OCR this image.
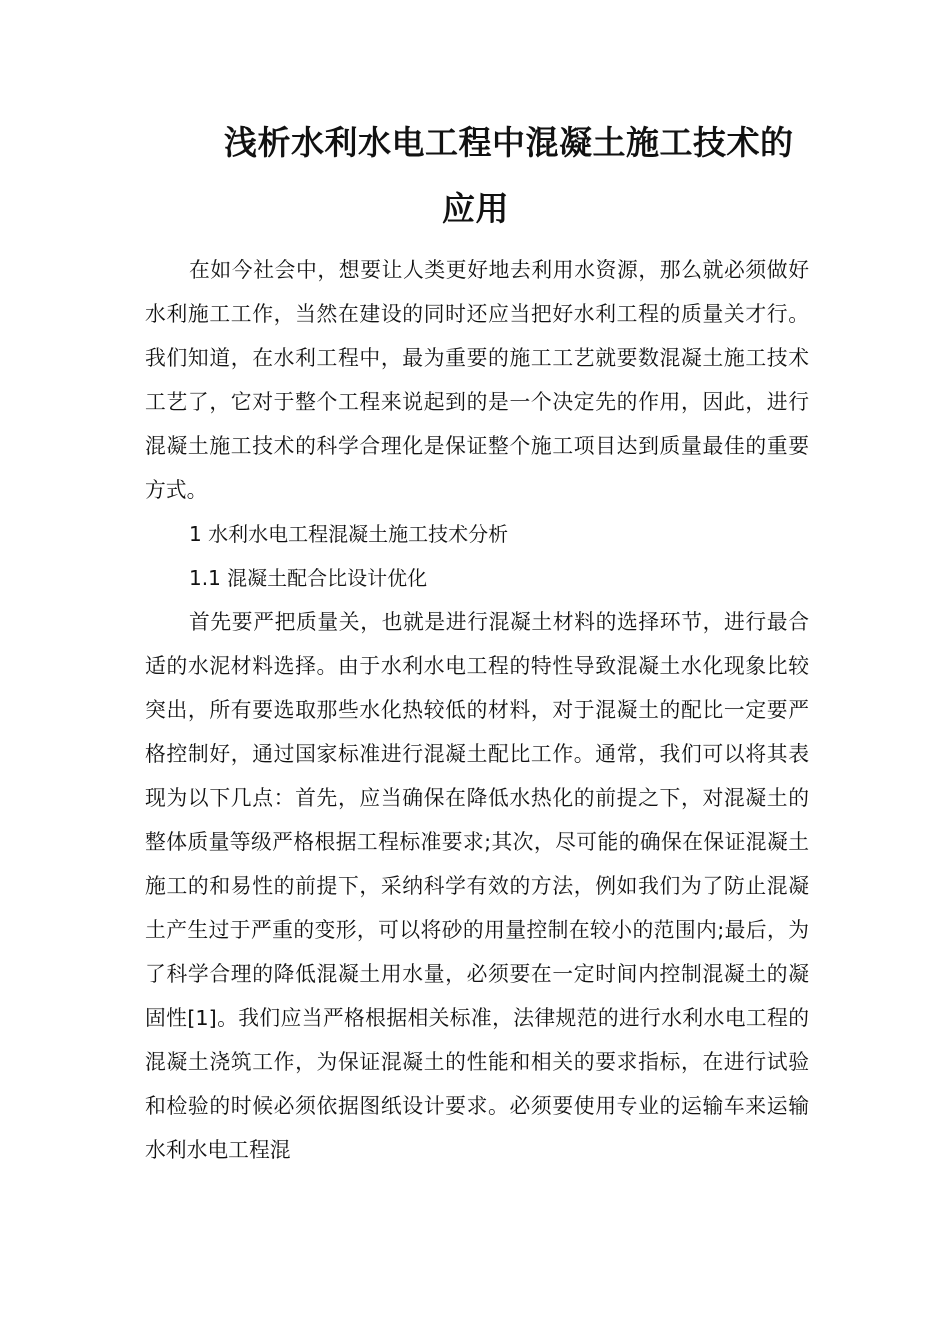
浅析水利水电工程中混凝土施工技术的
应用

在如今社会中，想要让人类更好地去利用水资源，那么就必须做好水利施工工作，当然在建设的同时还应当把好水利工程的质量关才行。我们知道，在水利工程中，最为重要的施工工艺就要数混凝土施工技术工艺了，它对于整个工程来说起到的是一个决定先的作用，因此，进行混凝土施工技术的科学合理化是保证整个施工项目达到质量最佳的重要方式。

1 水利水电工程混凝土施工技术分析

1.1 混凝土配合比设计优化

首先要严把质量关，也就是进行混凝土材料的选择环节，进行最合适的水泥材料选择。由于水利水电工程的特性导致混凝土水化现象比较突出，所有要选取那些水化热较低的材料，对于混凝土的配比一定要严格控制好，通过国家标准进行混凝土配比工作。通常，我们可以将其表现为以下几点：首先，应当确保在降低水热化的前提之下，对混凝土的整体质量等级严格根据工程标准要求;其次，尽可能的确保在保证混凝土施工的和易性的前提下，采纳科学有效的方法，例如我们为了防止混凝土产生过于严重的变形，可以将砂的用量控制在较小的范围内;最后，为了科学合理的降低混凝土用水量，必须要在一定时间内控制混凝土的凝固性[1]。我们应当严格根据相关标准，法律规范的进行水利水电工程的混凝土浇筑工作，为保证混凝土的性能和相关的要求指标，在进行试验和检验的时候必须依据图纸设计要求。必须要使用专业的运输车来运输水利水电工程混
